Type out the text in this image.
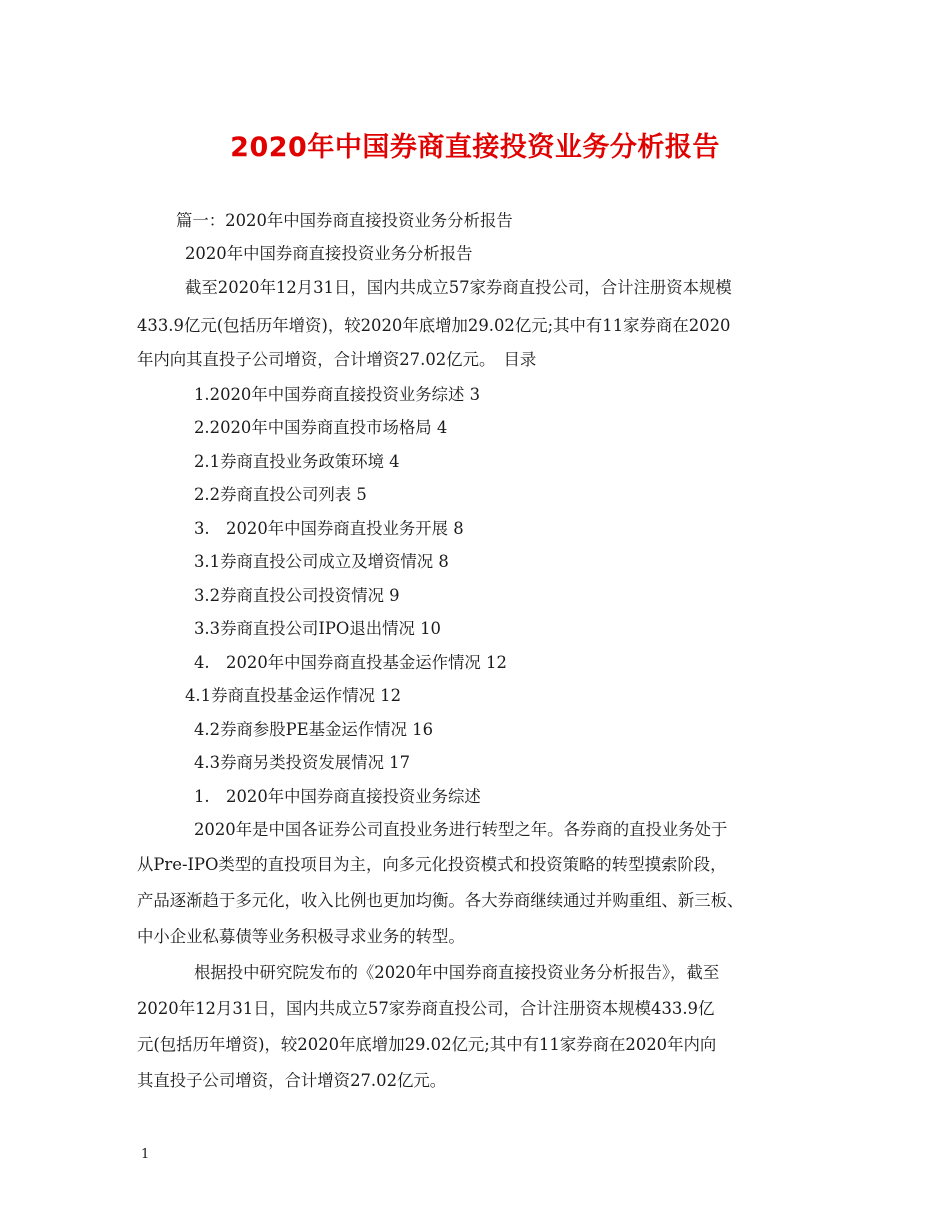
2020年中国券商直接投资业务分析报告
篇一：2020年中国券商直接投资业务分析报告
2020年中国券商直接投资业务分析报告
截至2020年12月31日，国内共成立57家券商直投公司，合计注册资本规模
433.9亿元(包括历年增资)，较2020年底增加29.02亿元;其中有11家券商在2020
年内向其直投子公司增资，合计增资27.02亿元。　目录
1.2020年中国券商直接投资业务综述 3
2.2020年中国券商直投市场格局 4
2.1券商直投业务政策环境 4
2.2券商直投公司列表 5
3.　2020年中国券商直投业务开展 8
3.1券商直投公司成立及增资情况 8
3.2券商直投公司投资情况 9
3.3券商直投公司IPO退出情况 10
4.　2020年中国券商直投基金运作情况 12
4.1券商直投基金运作情况 12
4.2券商参股PE基金运作情况 16
4.3券商另类投资发展情况 17
1.　2020年中国券商直接投资业务综述
2020年是中国各证券公司直投业务进行转型之年。各券商的直投业务处于
从Pre-IPO类型的直投项目为主，向多元化投资模式和投资策略的转型摸索阶段，
产品逐渐趋于多元化，收入比例也更加均衡。各大券商继续通过并购重组、新三板、
中小企业私募债等业务积极寻求业务的转型。
根据投中研究院发布的《2020年中国券商直接投资业务分析报告》，截至
2020年12月31日，国内共成立57家券商直投公司，合计注册资本规模433.9亿
元(包括历年增资)，较2020年底增加29.02亿元;其中有11家券商在2020年内向
其直投子公司增资，合计增资27.02亿元。
1
